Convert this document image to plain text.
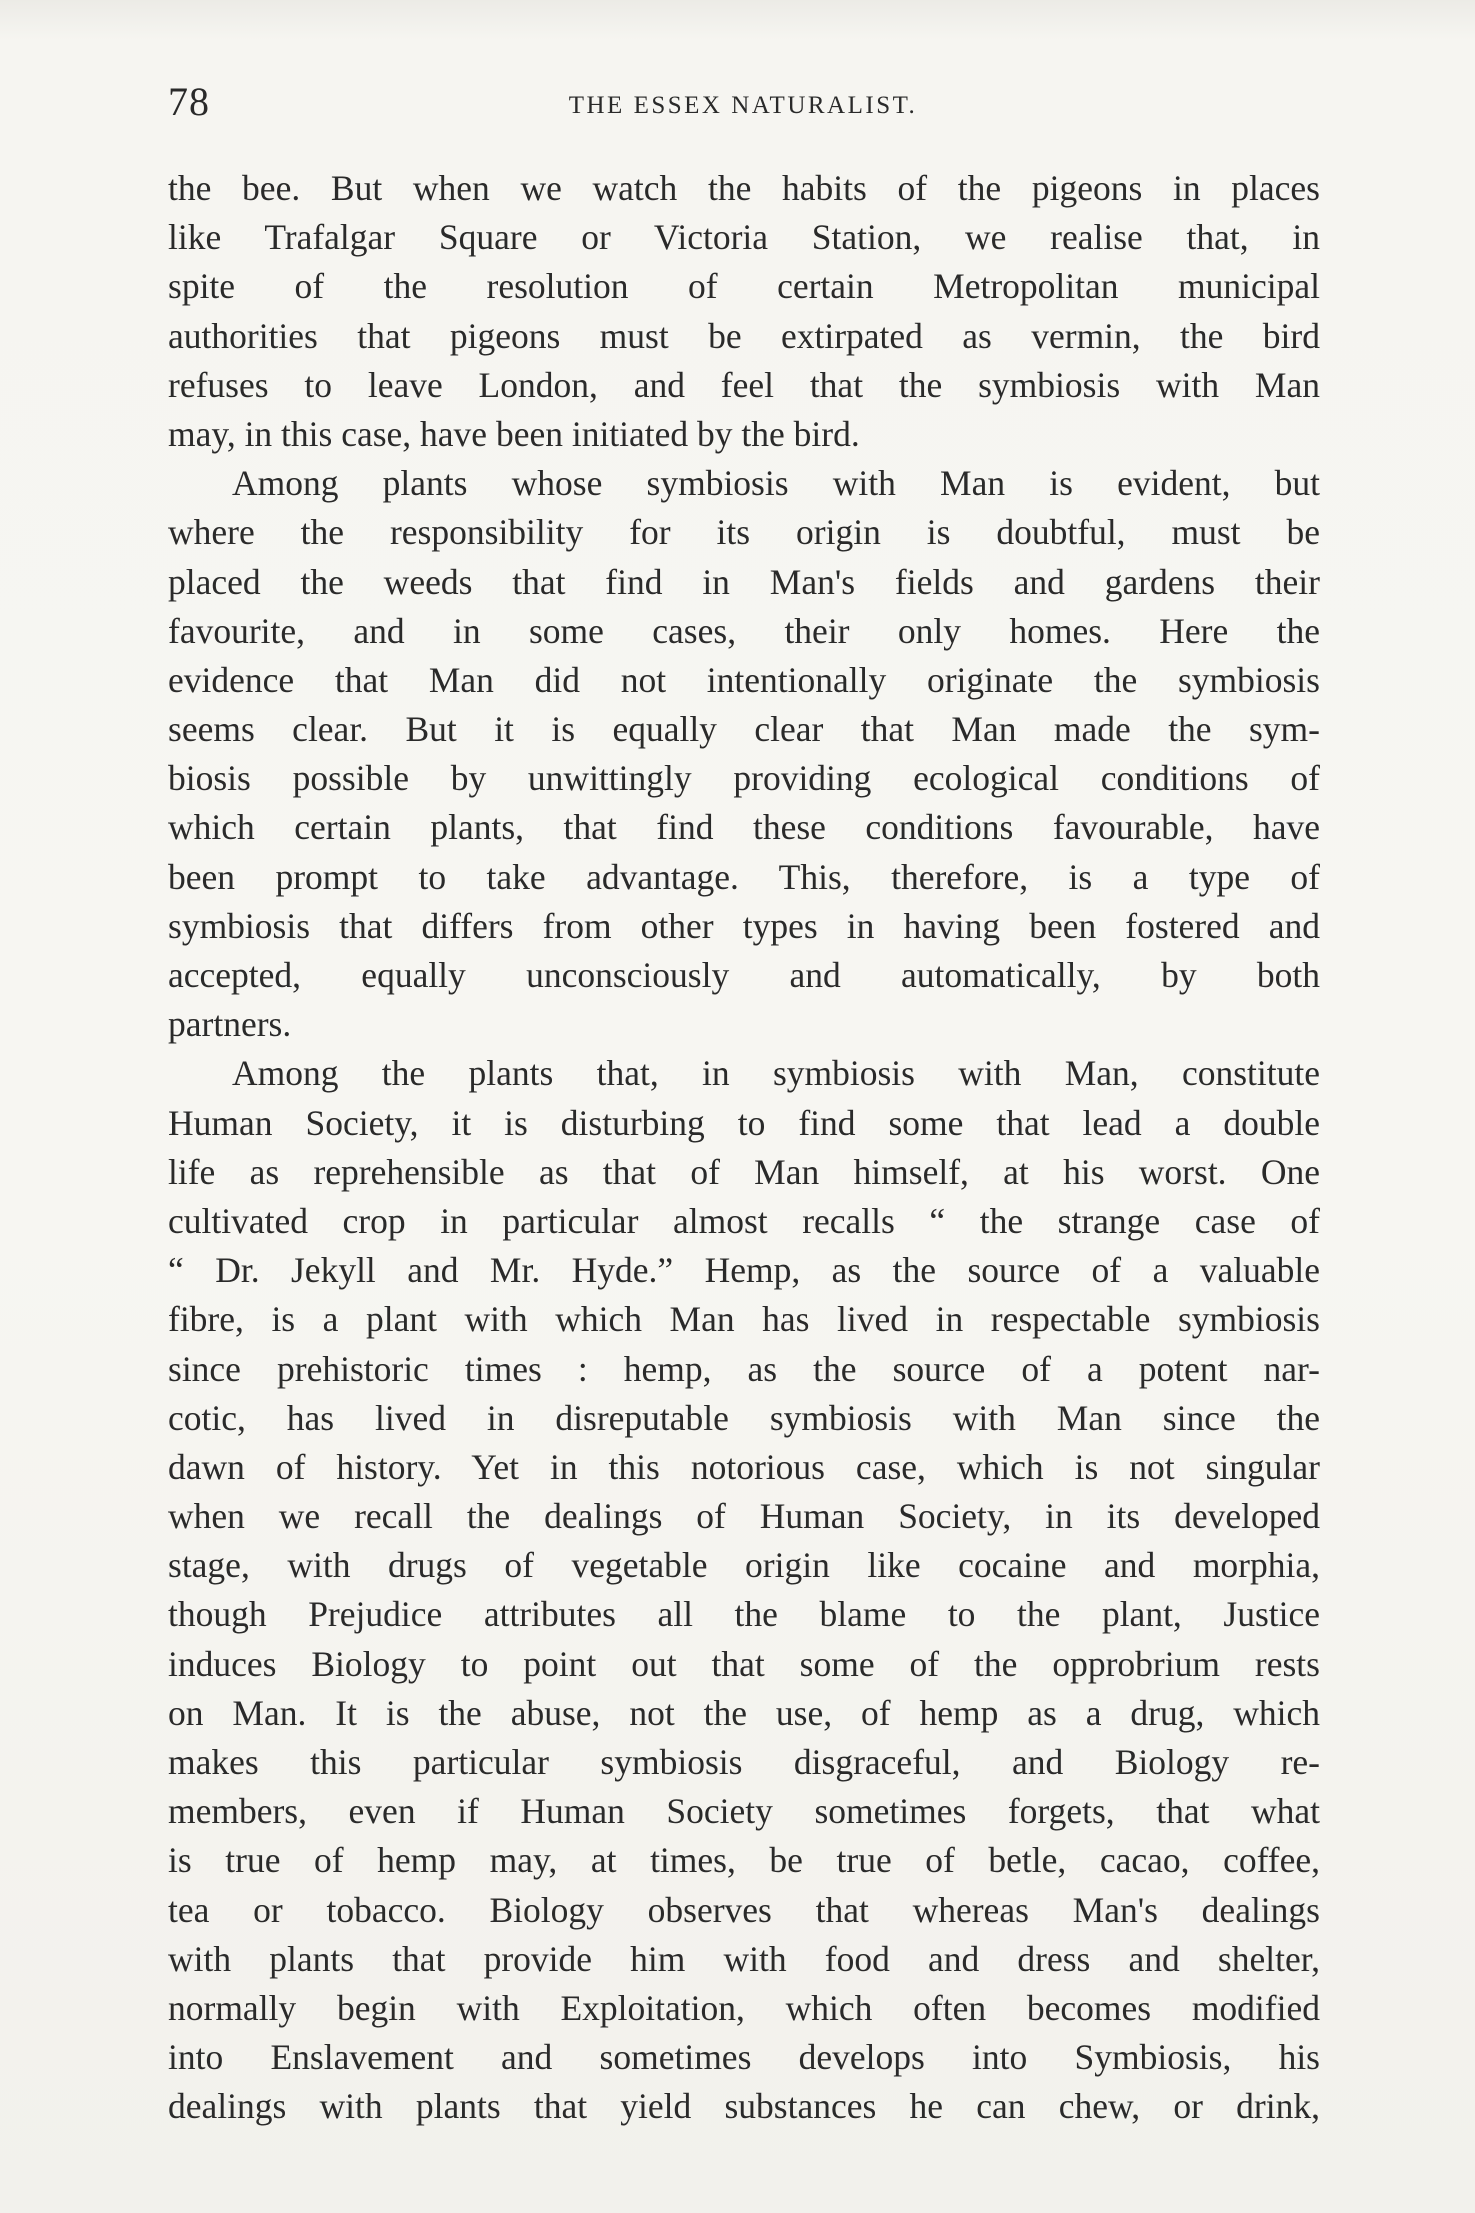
78	THE ESSEX NATURALIST.
the bee. But when we watch the habits of the pigeons in places
like Trafalgar Square or Victoria Station, we realise that, in
spite of the resolution of certain Metropolitan municipal
authorities that pigeons must be extirpated as vermin, the bird
refuses to leave London, and feel that the symbiosis with Man
may, in this case, have been initiated by the bird.
Among plants whose symbiosis with Man is evident, but
where the responsibility for its origin is doubtful, must be
placed the weeds that find in Man's fields and gardens their
favourite, and in some cases, their only homes. Here the
evidence that Man did not intentionally originate the symbiosis
seems clear. But it is equally clear that Man made the sym-
biosis possible by unwittingly providing ecological conditions of
which certain plants, that find these conditions favourable, have
been prompt to take advantage. This, therefore, is a type of
symbiosis that differs from other types in having been fostered and
accepted, equally unconsciously and automatically, by both
partners.
Among the plants that, in symbiosis with Man, constitute
Human Society, it is disturbing to find some that lead a double
life as reprehensible as that of Man himself, at his worst. One
cultivated crop in particular almost recalls “ the strange case of
“ Dr. Jekyll and Mr. Hyde.” Hemp, as the source of a valuable
fibre, is a plant with which Man has lived in respectable symbiosis
since prehistoric times : hemp, as the source of a potent nar-
cotic, has lived in disreputable symbiosis with Man since the
dawn of history. Yet in this notorious case, which is not singular
when we recall the dealings of Human Society, in its developed
stage, with drugs of vegetable origin like cocaine and morphia,
though Prejudice attributes all the blame to the plant, Justice
induces Biology to point out that some of the opprobrium rests
on Man. It is the abuse, not the use, of hemp as a drug, which
makes this particular symbiosis disgraceful, and Biology re-
members, even if Human Society sometimes forgets, that what
is true of hemp may, at times, be true of betle, cacao, coffee,
tea or tobacco. Biology observes that whereas Man's dealings
with plants that provide him with food and dress and shelter,
normally begin with Exploitation, which often becomes modified
into Enslavement and sometimes develops into Symbiosis, his
dealings with plants that yield substances he can chew, or drink,
